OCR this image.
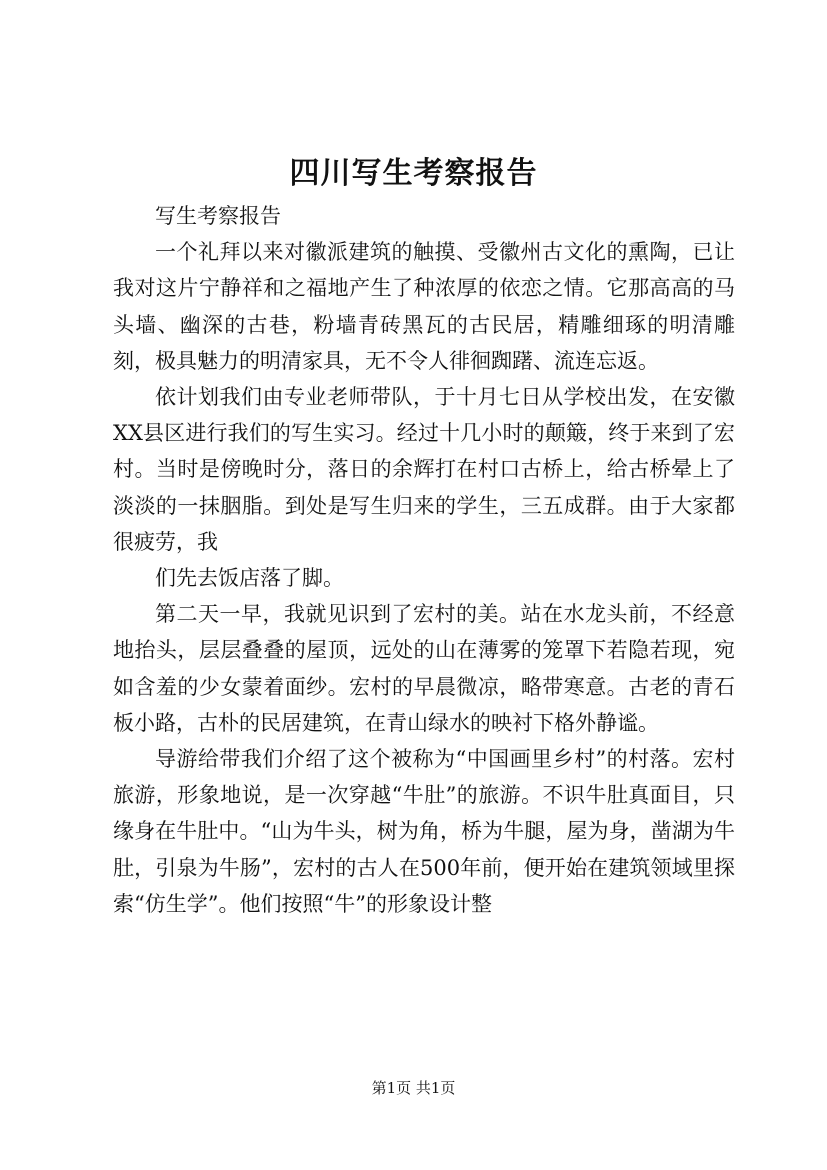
四川写生考察报告

写生考察报告

一个礼拜以来对徽派建筑的触摸、受徽州古文化的熏陶，已让我对这片宁静祥和之福地产生了种浓厚的依恋之情。它那高高的马头墙、幽深的古巷，粉墙青砖黑瓦的古民居，精雕细琢的明清雕刻，极具魅力的明清家具，无不令人徘徊踟躇、流连忘返。

依计划我们由专业老师带队，于十月七日从学校出发，在安徽XX县区进行我们的写生实习。经过十几小时的颠簸，终于来到了宏村。当时是傍晚时分，落日的余辉打在村口古桥上，给古桥晕上了淡淡的一抹胭脂。到处是写生归来的学生，三五成群。由于大家都很疲劳，我

们先去饭店落了脚。

第二天一早，我就见识到了宏村的美。站在水龙头前，不经意地抬头，层层叠叠的屋顶，远处的山在薄雾的笼罩下若隐若现，宛如含羞的少女蒙着面纱。宏村的早晨微凉，略带寒意。古老的青石板小路，古朴的民居建筑，在青山绿水的映衬下格外静谧。

导游给带我们介绍了这个被称为“中国画里乡村”的村落。宏村旅游，形象地说，是一次穿越“牛肚”的旅游。不识牛肚真面目，只缘身在牛肚中。“山为牛头，树为角，桥为牛腿，屋为身，凿湖为牛肚，引泉为牛肠”，宏村的古人在500年前，便开始在建筑领域里探索“仿生学”。他们按照“牛”的形象设计整

第1页 共1页
